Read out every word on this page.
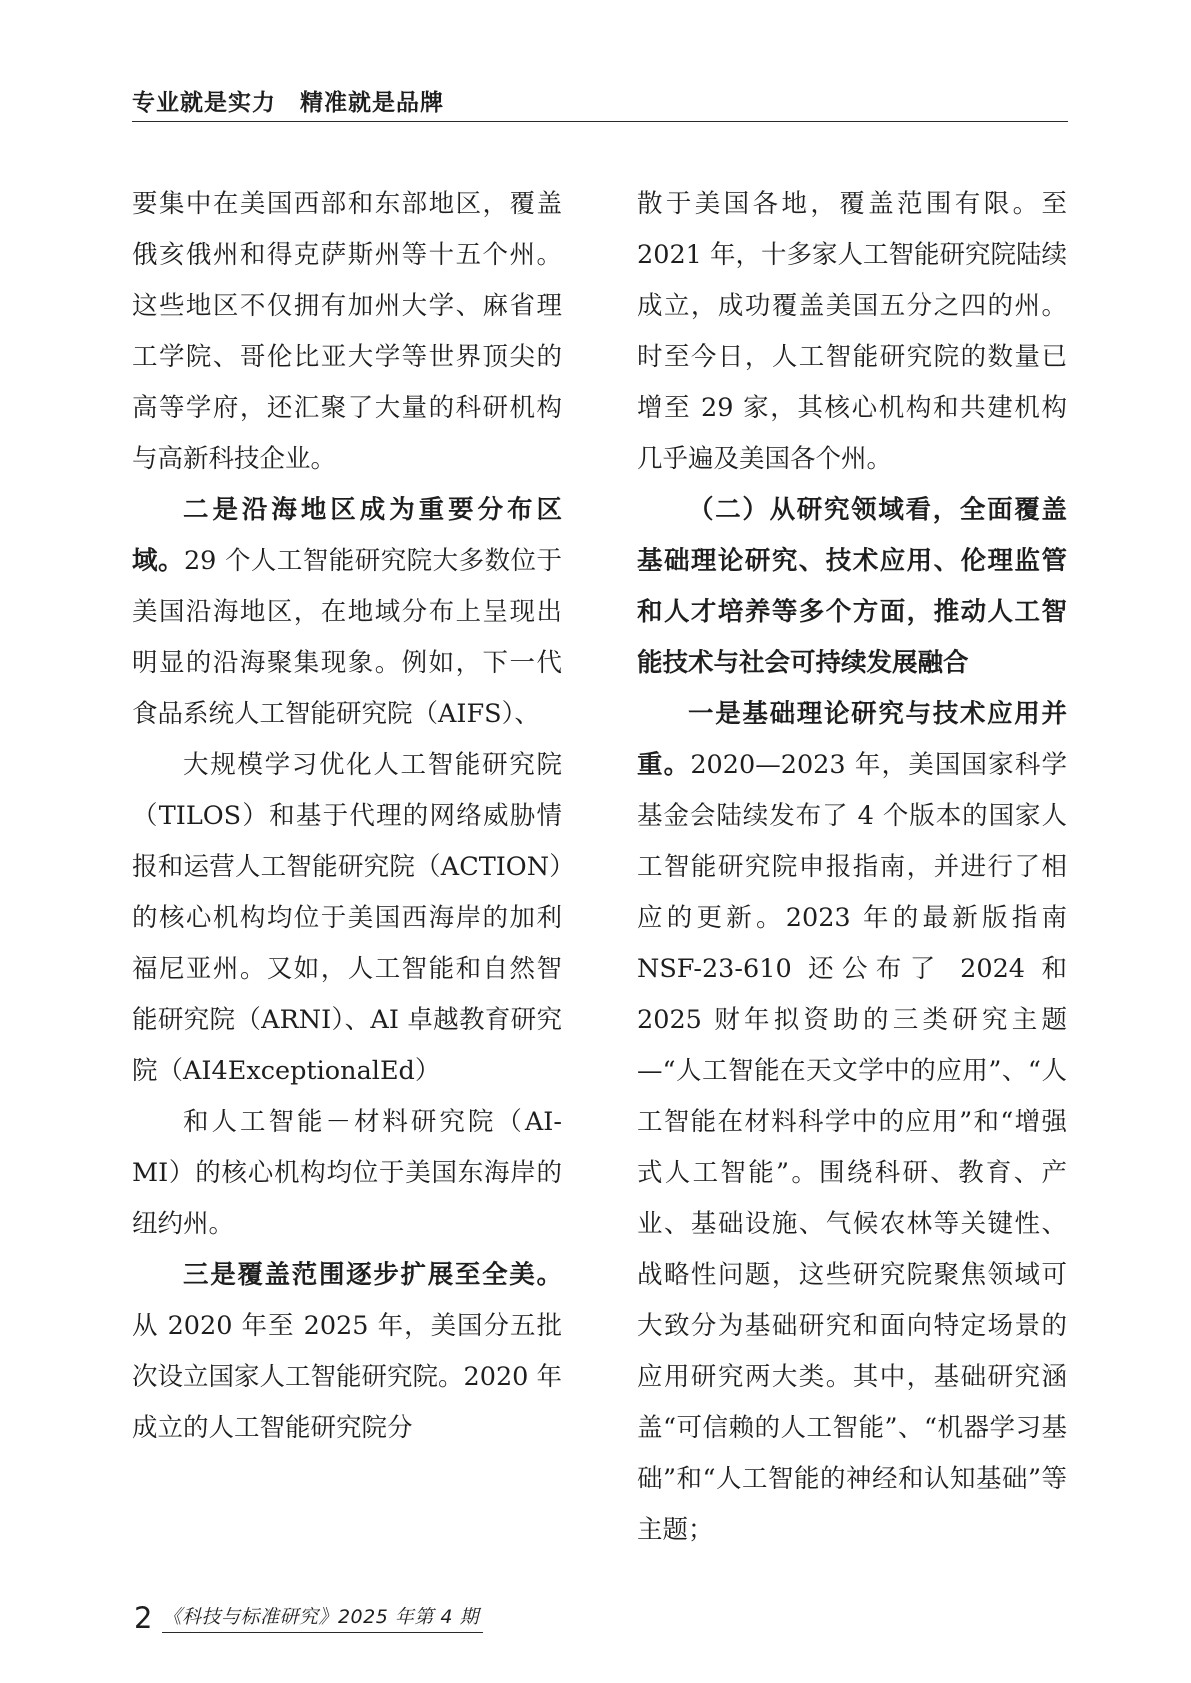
专业就是实力 精准就是品牌

要集中在美国西部和东部地区，覆盖俄亥俄州和得克萨斯州等十五个州。这些地区不仅拥有加州大学、麻省理工学院、哥伦比亚大学等世界顶尖的高等学府，还汇聚了大量的科研机构与高新科技企业。

二是沿海地区成为重要分布区域。29 个人工智能研究院大多数位于美国沿海地区，在地域分布上呈现出明显的沿海聚集现象。例如，下一代食品系统人工智能研究院（AIFS）、

大规模学习优化人工智能研究院（TILOS）和基于代理的网络威胁情报和运营人工智能研究院（ACTION）的核心机构均位于美国西海岸的加利福尼亚州。又如，人工智能和自然智能研究院（ARNI）、AI 卓越教育研究院（AI4ExceptionalEd）

和人工智能－材料研究院（AI-MI）的核心机构均位于美国东海岸的纽约州。

三是覆盖范围逐步扩展至全美。从 2020 年至 2025 年，美国分五批次设立国家人工智能研究院。2020 年成立的人工智能研究院分

散于美国各地，覆盖范围有限。至 2021 年，十多家人工智能研究院陆续成立，成功覆盖美国五分之四的州。时至今日，人工智能研究院的数量已增至 29 家，其核心机构和共建机构几乎遍及美国各个州。

（二）从研究领域看，全面覆盖基础理论研究、技术应用、伦理监管和人才培养等多个方面，推动人工智能技术与社会可持续发展融合

一是基础理论研究与技术应用并重。2020—2023 年，美国国家科学基金会陆续发布了 4 个版本的国家人工智能研究院申报指南，并进行了相应的更新。2023 年的最新版指南 NSF-23-610 还公布了 2024 和 2025 财年拟资助的三类研究主题—“人工智能在天文学中的应用”、“人工智能在材料科学中的应用”和“增强式人工智能”。围绕科研、教育、产业、基础设施、气候农林等关键性、战略性问题，这些研究院聚焦领域可大致分为基础研究和面向特定场景的应用研究两大类。其中，基础研究涵盖“可信赖的人工智能”、“机器学习基础”和“人工智能的神经和认知基础”等主题；

2 《科技与标准研究》2025 年第 4 期
